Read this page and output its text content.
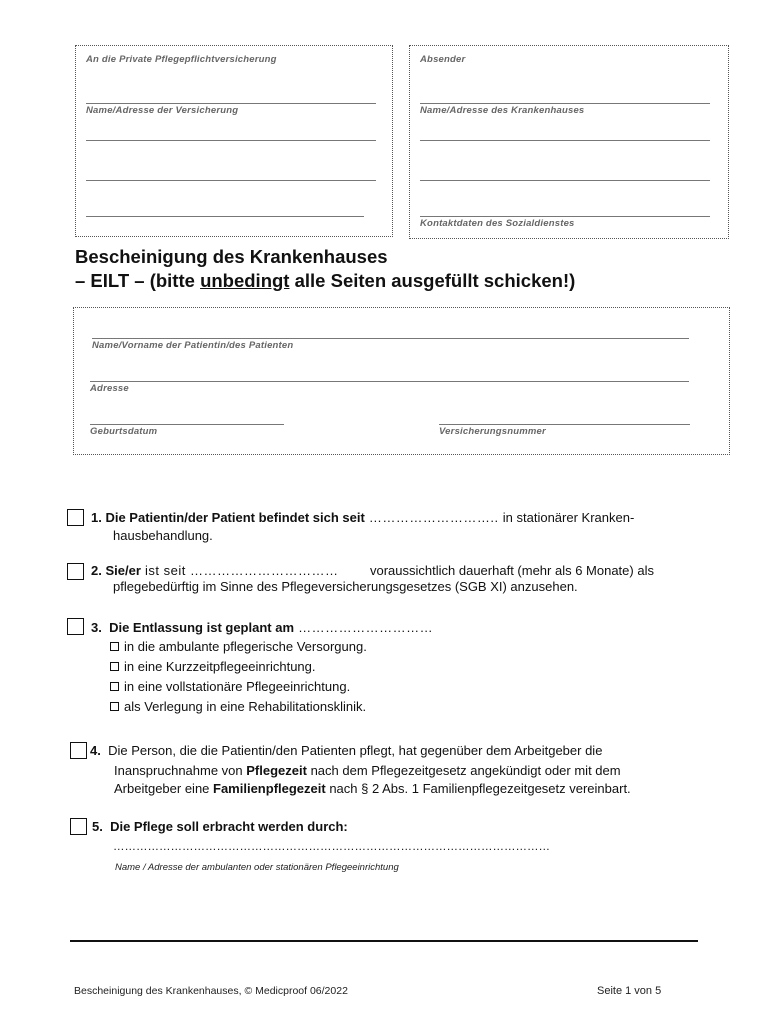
An die Private Pflegepflichtversicherung
Name/Adresse der Versicherung
Absender
Name/Adresse des Krankenhauses
Kontaktdaten des Sozialdienstes
Bescheinigung des Krankenhauses
– EILT – (bitte unbedingt alle Seiten ausgefüllt schicken!)
Name/Vorname der Patientin/des Patienten
Adresse
Geburtsdatum	Versicherungsnummer
1. Die Patientin/der Patient befindet sich seit ……………………….. in stationärer Kranken-
hausbehandlung.
2. Sie/er ist seit …………………………… voraussichtlich dauerhaft (mehr als 6 Monate) als
pflegebedürftig im Sinne des Pflegeversicherungsgesetzes (SGB XI) anzusehen.
3. Die Entlassung ist geplant am …………………………
in die ambulante pflegerische Versorgung.
in eine Kurzzeitpflegeeinrichtung.
in eine vollstationäre Pflegeeinrichtung.
als Verlegung in eine Rehabilitationsklinik.
4. Die Person, die die Patientin/den Patienten pflegt, hat gegenüber dem Arbeitgeber die
Inanspruchnahme von Pflegezeit nach dem Pflegezeitgesetz angekündigt oder mit dem
Arbeitgeber eine Familienpflegezeit nach § 2 Abs. 1 Familienpflegezeitgesetz vereinbart.
5. Die Pflege soll erbracht werden durch:
……………………………………………………………………………………………………
Name / Adresse der ambulanten oder stationären Pflegeeinrichtung
Bescheinigung des Krankenhauses, © Medicproof 06/2022	Seite 1 von 5
